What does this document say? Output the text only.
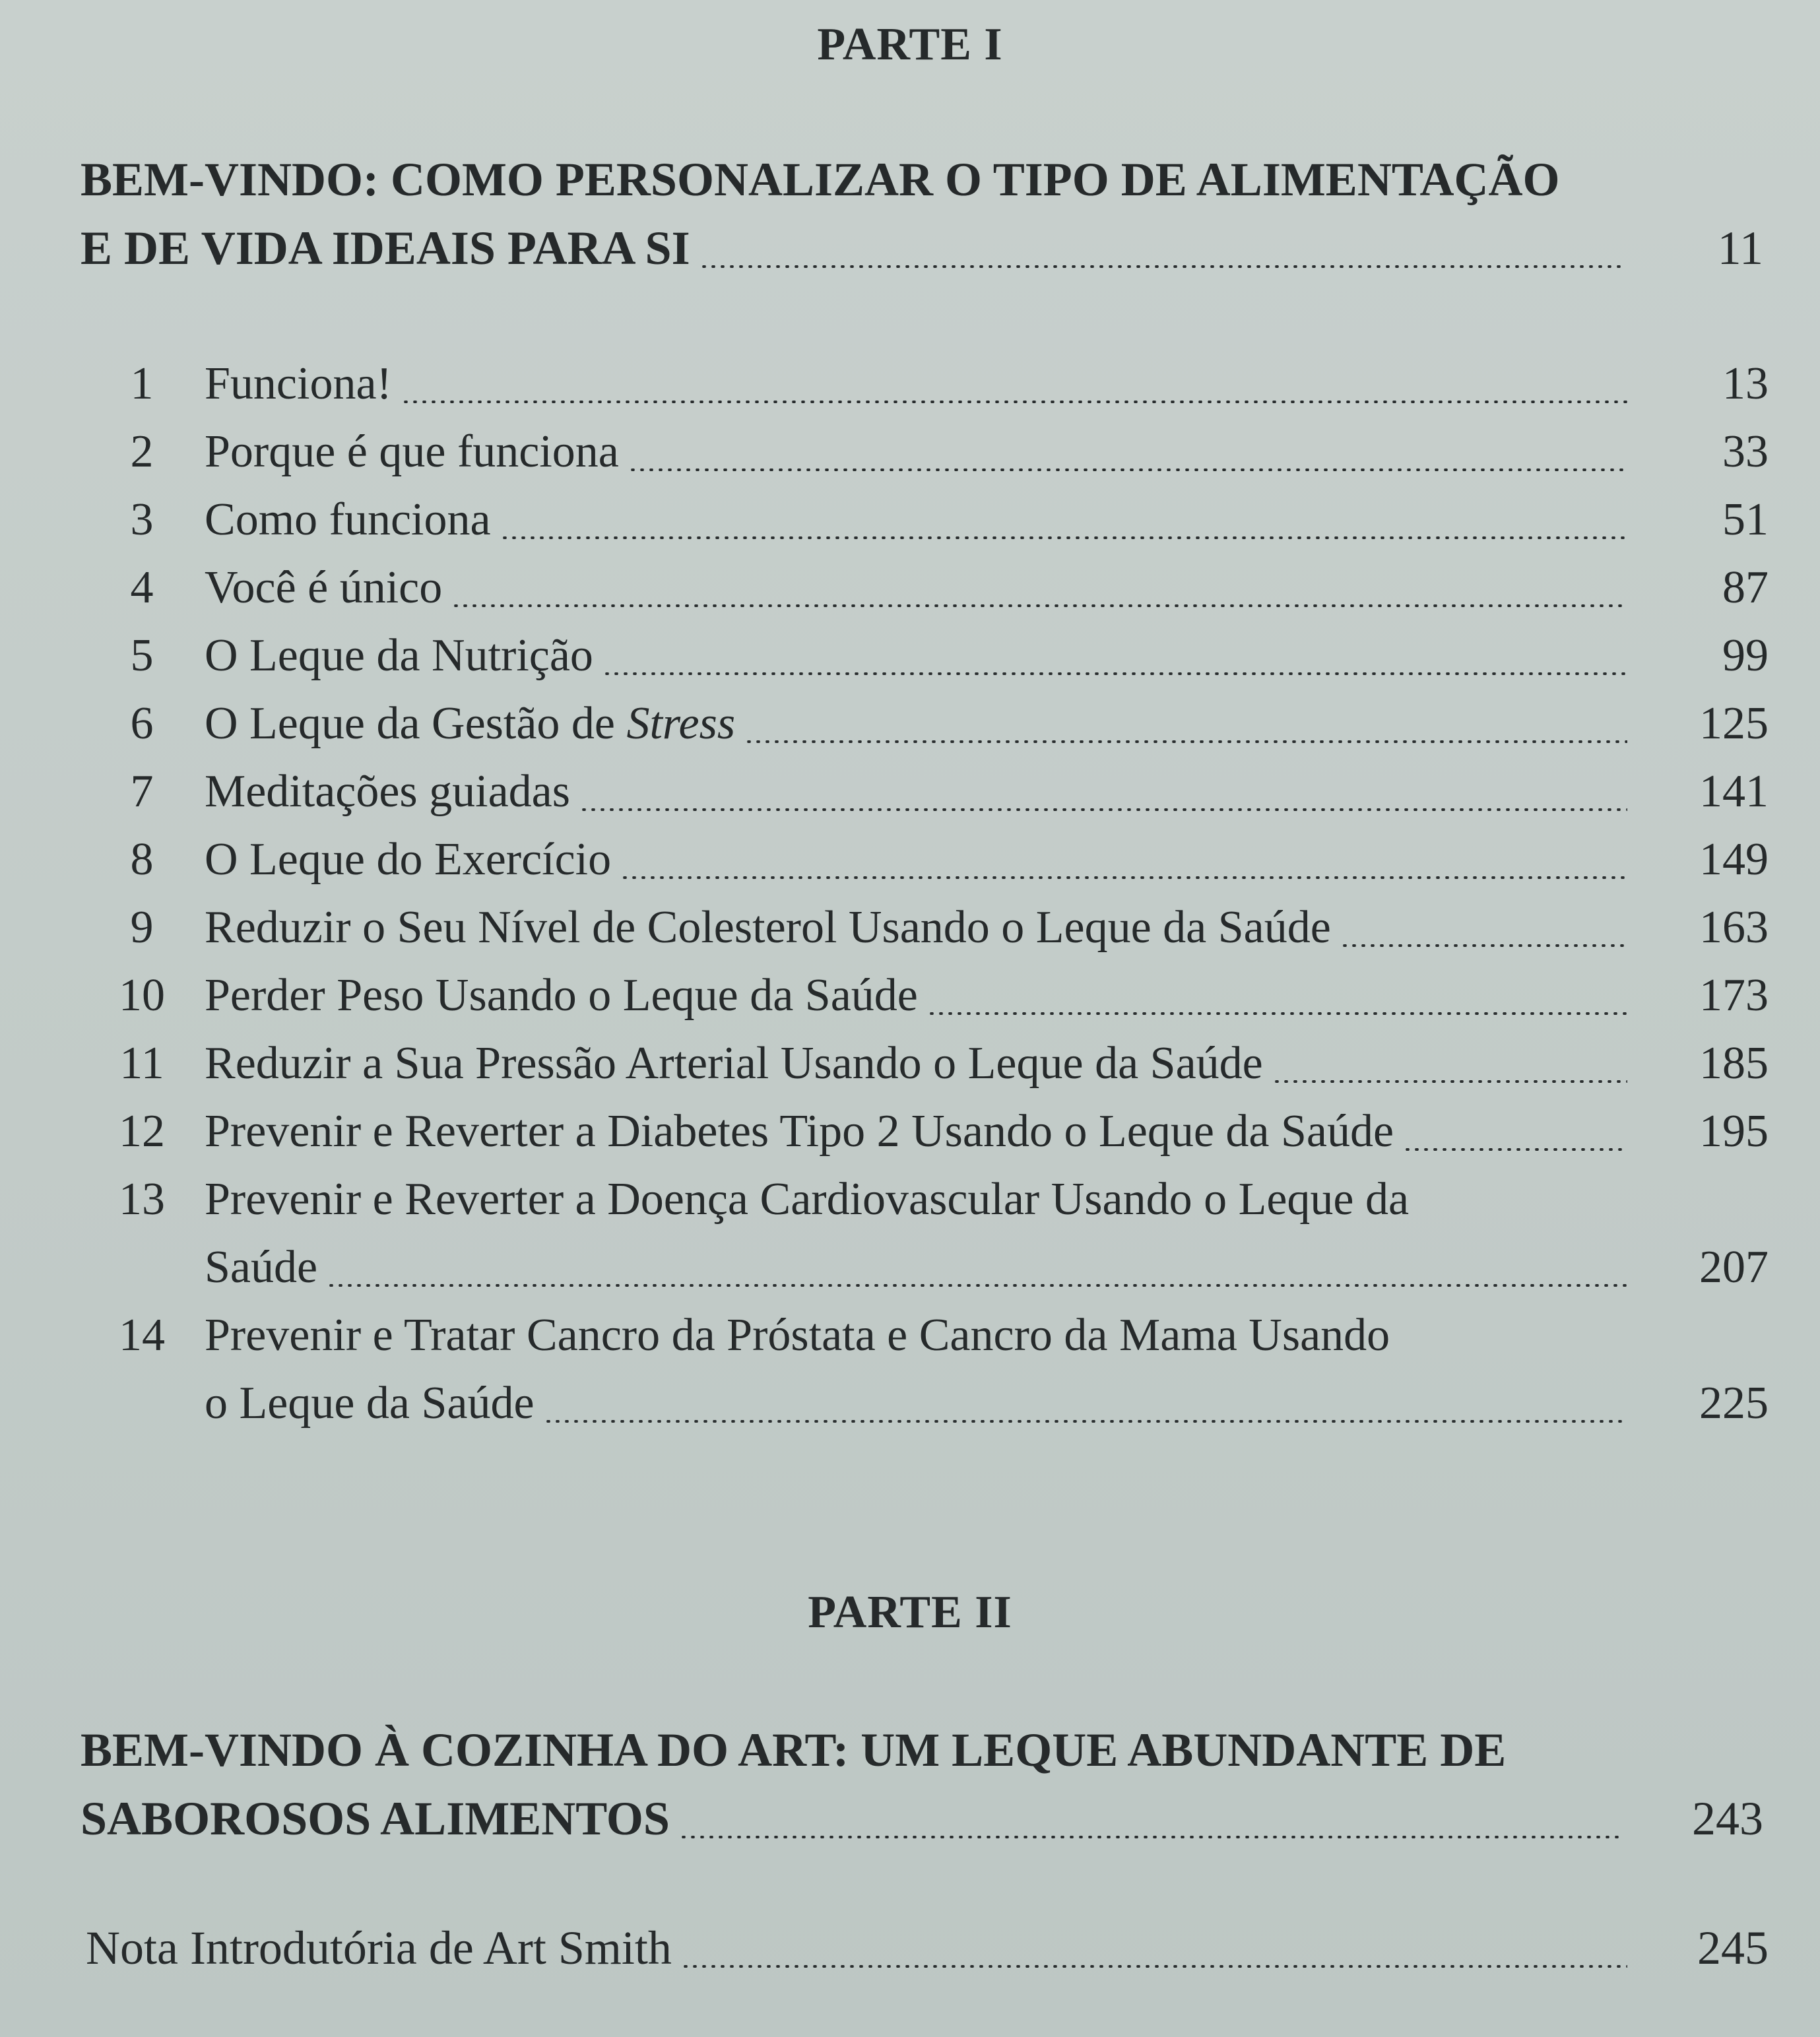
PARTE I
BEM-VINDO: COMO PERSONALIZAR O TIPO DE ALIMENTAÇÃO
E DE VIDA IDEAIS PARA SI	11
1	Funciona!	13
2	Porque é que funciona	33
3	Como funciona	51
4	Você é único	87
5	O Leque da Nutrição	99
6	O Leque da Gestão de Stress	125
7	Meditações guiadas	141
8	O Leque do Exercício	149
9	Reduzir o Seu Nível de Colesterol Usando o Leque da Saúde	163
10 Perder Peso Usando o Leque da Saúde	173
11 Reduzir a Sua Pressão Arterial Usando o Leque da Saúde	185
12 Prevenir e Reverter a Diabetes Tipo 2 Usando o Leque da Saúde	195
13 Prevenir e Reverter a Doença Cardiovascular Usando o Leque da
Saúde	207
14 Prevenir e Tratar Cancro da Próstata e Cancro da Mama Usando
o Leque da Saúde	225
PARTE II
BEM-VINDO À COZINHA DO ART: UM LEQUE ABUNDANTE DE
SABOROSOS ALIMENTOS	243
Nota Introdutória de Art Smith	245
